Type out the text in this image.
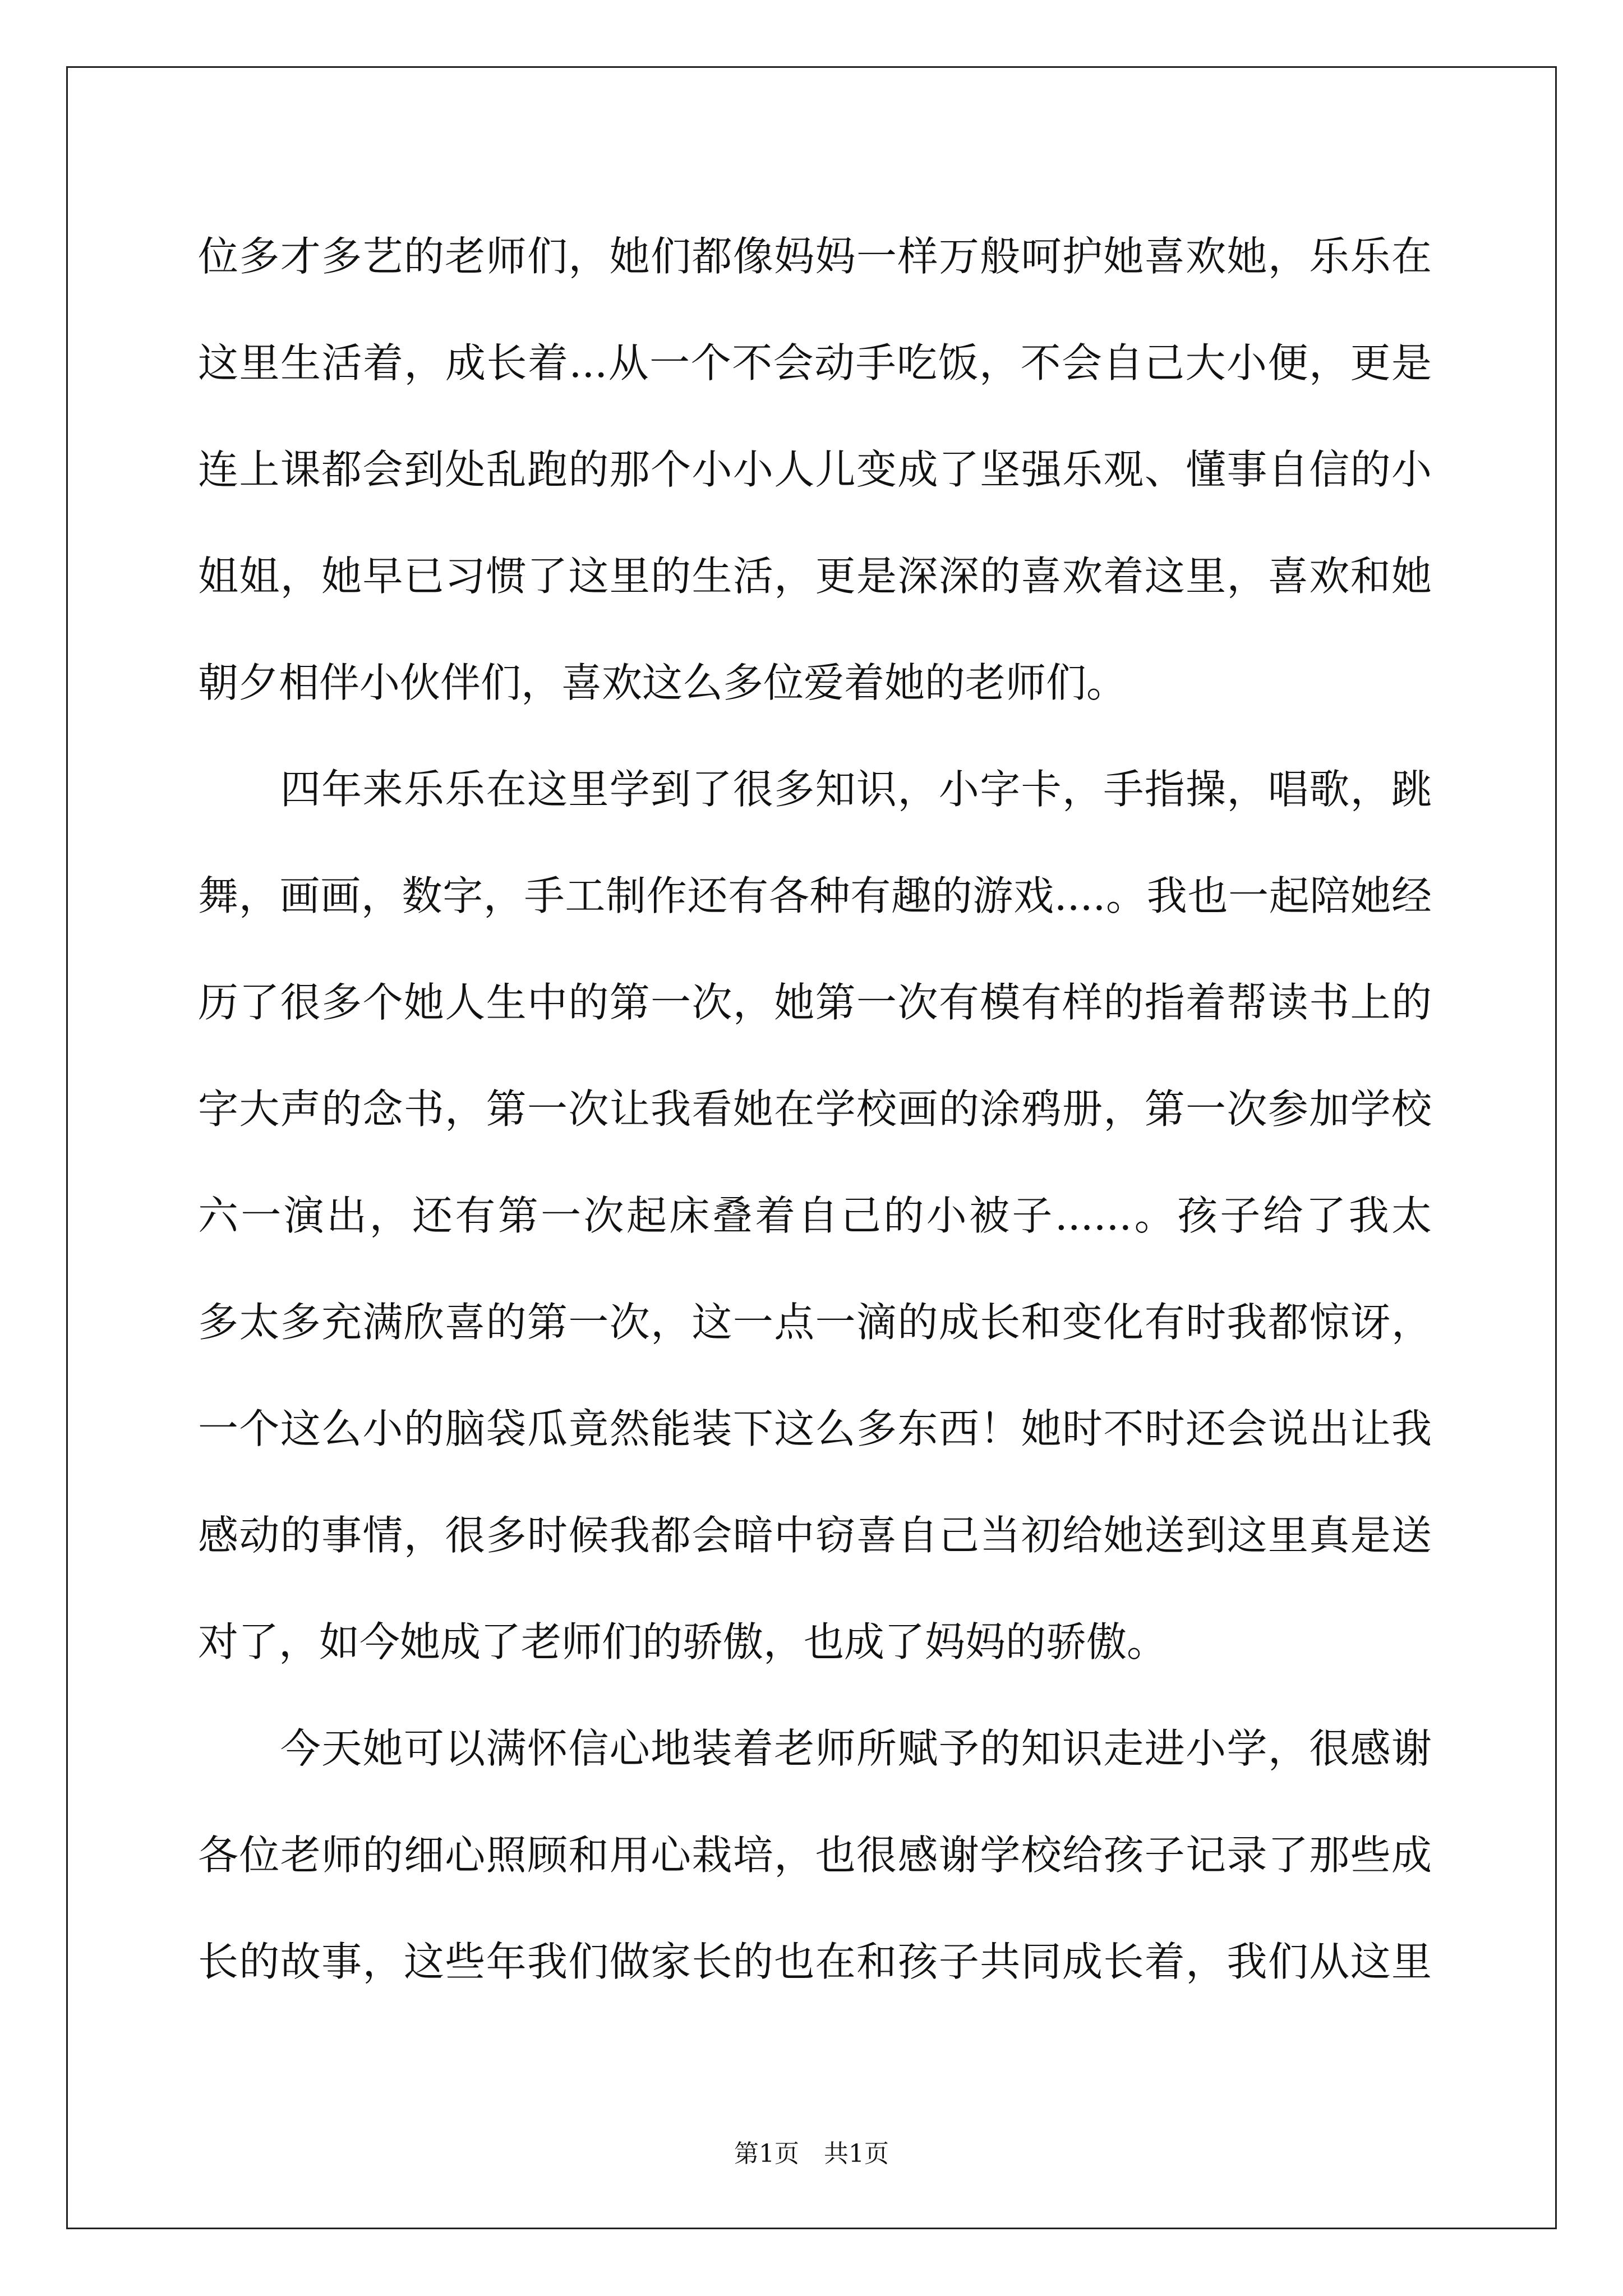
位多才多艺的老师们，她们都像妈妈一样万般呵护她喜欢她，乐乐在
这里生活着，成长着...从一个不会动手吃饭，不会自己大小便，更是
连上课都会到处乱跑的那个小小人儿变成了坚强乐观、懂事自信的小
姐姐，她早已习惯了这里的生活，更是深深的喜欢着这里，喜欢和她
朝夕相伴小伙伴们，喜欢这么多位爱着她的老师们。
　　四年来乐乐在这里学到了很多知识，小字卡，手指操，唱歌，跳
舞，画画，数字，手工制作还有各种有趣的游戏....。我也一起陪她经
历了很多个她人生中的第一次，她第一次有模有样的指着帮读书上的
字大声的念书，第一次让我看她在学校画的涂鸦册，第一次参加学校
六一演出，还有第一次起床叠着自己的小被子......。孩子给了我太
多太多充满欣喜的第一次，这一点一滴的成长和变化有时我都惊讶，
一个这么小的脑袋瓜竟然能装下这么多东西！她时不时还会说出让我
感动的事情，很多时候我都会暗中窃喜自己当初给她送到这里真是送
对了，如今她成了老师们的骄傲，也成了妈妈的骄傲。
　　今天她可以满怀信心地装着老师所赋予的知识走进小学，很感谢
各位老师的细心照顾和用心栽培，也很感谢学校给孩子记录了那些成
长的故事，这些年我们做家长的也在和孩子共同成长着，我们从这里
第1页　共1页
